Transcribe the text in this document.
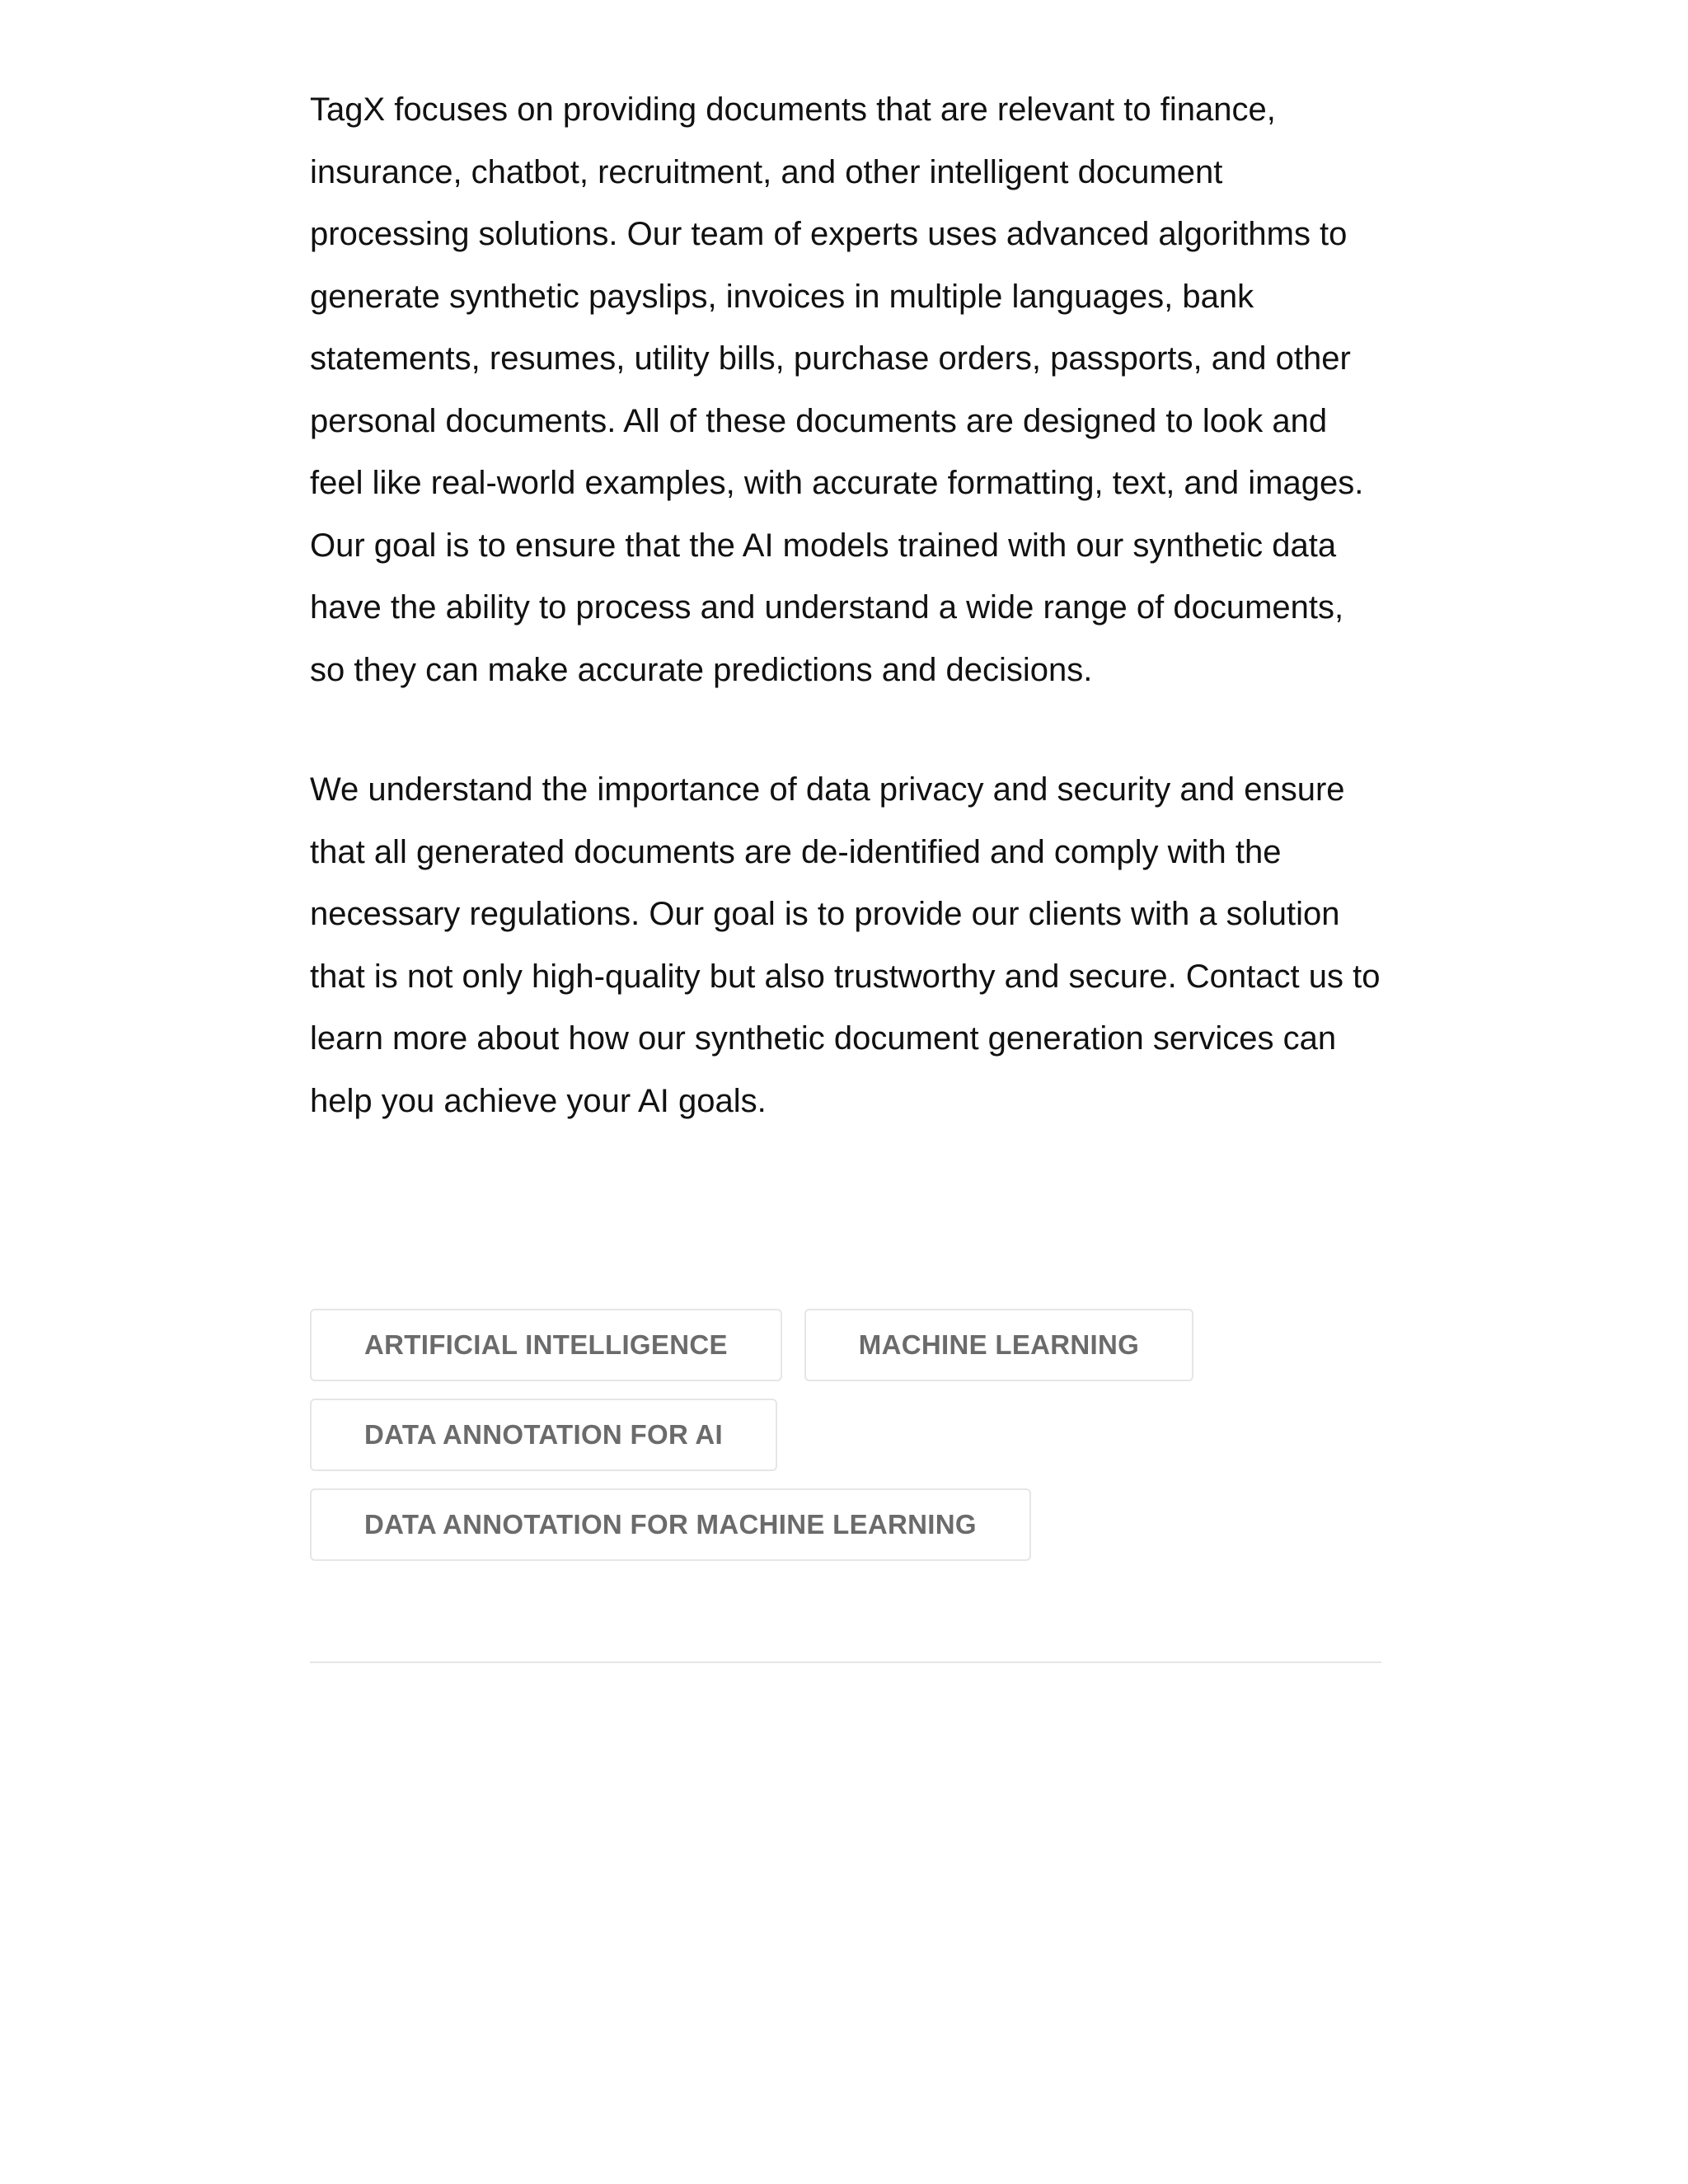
TagX focuses on providing documents that are relevant to finance, insurance, chatbot, recruitment, and other intelligent document processing solutions. Our team of experts uses advanced algorithms to generate synthetic payslips, invoices in multiple languages, bank statements, resumes, utility bills, purchase orders, passports, and other personal documents. All of these documents are designed to look and feel like real-world examples, with accurate formatting, text, and images. Our goal is to ensure that the AI models trained with our synthetic data have the ability to process and understand a wide range of documents, so they can make accurate predictions and decisions.

We understand the importance of data privacy and security and ensure that all generated documents are de-identified and comply with the necessary regulations. Our goal is to provide our clients with a solution that is not only high-quality but also trustworthy and secure. Contact us to learn more about how our synthetic document generation services can help you achieve your AI goals.

ARTIFICIAL INTELLIGENCE	MACHINE LEARNING
DATA ANNOTATION FOR AI
DATA ANNOTATION FOR MACHINE LEARNING
